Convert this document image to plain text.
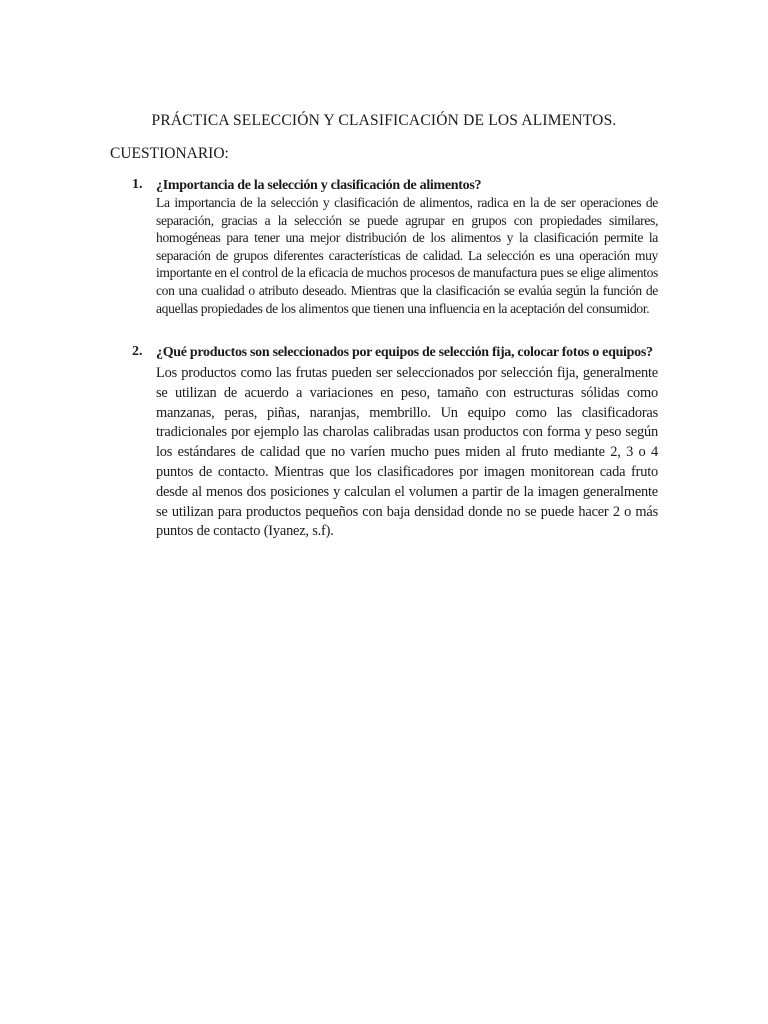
PRÁCTICA SELECCIÓN Y CLASIFICACIÓN DE LOS ALIMENTOS.
CUESTIONARIO:
1. ¿Importancia de la selección y clasificación de alimentos?

La importancia de la selección y clasificación de alimentos, radica en la de ser operaciones de separación, gracias a la selección se puede agrupar en grupos con propiedades similares, homogéneas para tener una mejor distribución de los alimentos y la clasificación permite la separación de grupos diferentes características de calidad. La selección es una operación muy importante en el control de la eficacia de muchos procesos de manufactura pues se elige alimentos con una cualidad o atributo deseado. Mientras que la clasificación se evalúa según la función de aquellas propiedades de los alimentos que tienen una influencia en la aceptación del consumidor.

2. ¿Qué productos son seleccionados por equipos de selección fija, colocar fotos o equipos?

Los productos como las frutas pueden ser seleccionados por selección fija, generalmente se utilizan de acuerdo a variaciones en peso, tamaño con estructuras sólidas como manzanas, peras, piñas, naranjas, membrillo. Un equipo como las clasificadoras tradicionales por ejemplo las charolas calibradas usan productos con forma y peso según los estándares de calidad que no varíen mucho pues miden al fruto mediante 2, 3 o 4 puntos de contacto. Mientras que los clasificadores por imagen monitorean cada fruto desde al menos dos posiciones y calculan el volumen a partir de la imagen generalmente se utilizan para productos pequeños con baja densidad donde no se puede hacer 2 o más puntos de contacto (Iyanez, s.f).
